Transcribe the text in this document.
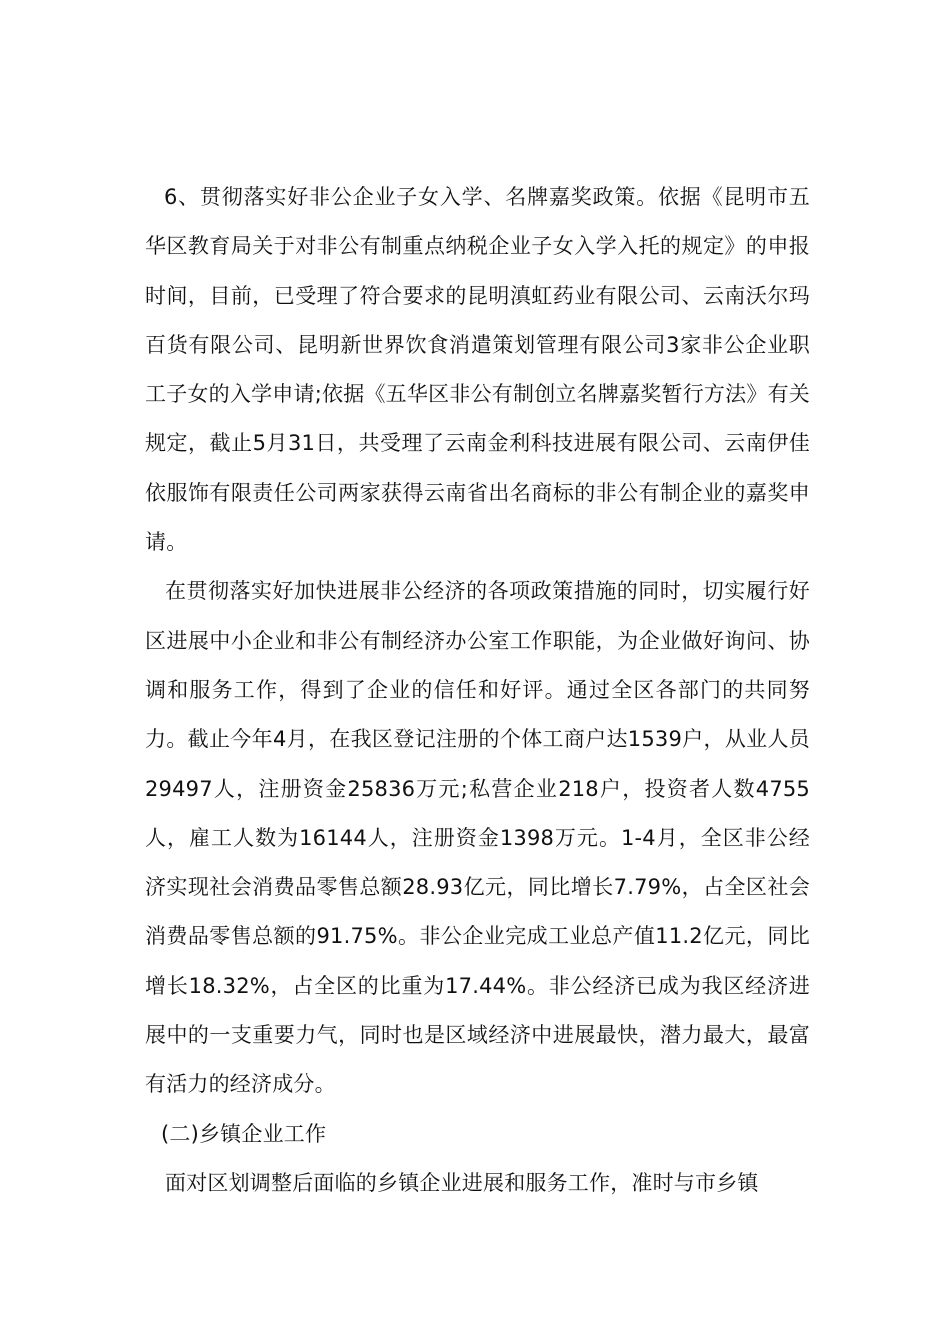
6、贯彻落实好非公企业子女入学、名牌嘉奖政策。依据《昆明市五华区教育局关于对非公有制重点纳税企业子女入学入托的规定》的申报时间，目前，已受理了符合要求的昆明滇虹药业有限公司、云南沃尔玛百货有限公司、昆明新世界饮食消遣策划管理有限公司3家非公企业职工子女的入学申请;依据《五华区非公有制创立名牌嘉奖暂行方法》有关规定，截止5月31日，共受理了云南金利科技进展有限公司、云南伊佳依服饰有限责任公司两家获得云南省出名商标的非公有制企业的嘉奖申请。

在贯彻落实好加快进展非公经济的各项政策措施的同时，切实履行好区进展中小企业和非公有制经济办公室工作职能，为企业做好询问、协调和服务工作，得到了企业的信任和好评。通过全区各部门的共同努力。截止今年4月，在我区登记注册的个体工商户达1539户，从业人员29497人，注册资金25836万元;私营企业218户，投资者人数4755人，雇工人数为16144人，注册资金1398万元。1-4月，全区非公经济实现社会消费品零售总额28.93亿元，同比增长7.79%，占全区社会消费品零售总额的91.75%。非公企业完成工业总产值11.2亿元，同比增长18.32%，占全区的比重为17.44%。非公经济已成为我区经济进展中的一支重要力气，同时也是区域经济中进展最快，潜力最大，最富有活力的经济成分。

(二)乡镇企业工作

面对区划调整后面临的乡镇企业进展和服务工作，准时与市乡镇
